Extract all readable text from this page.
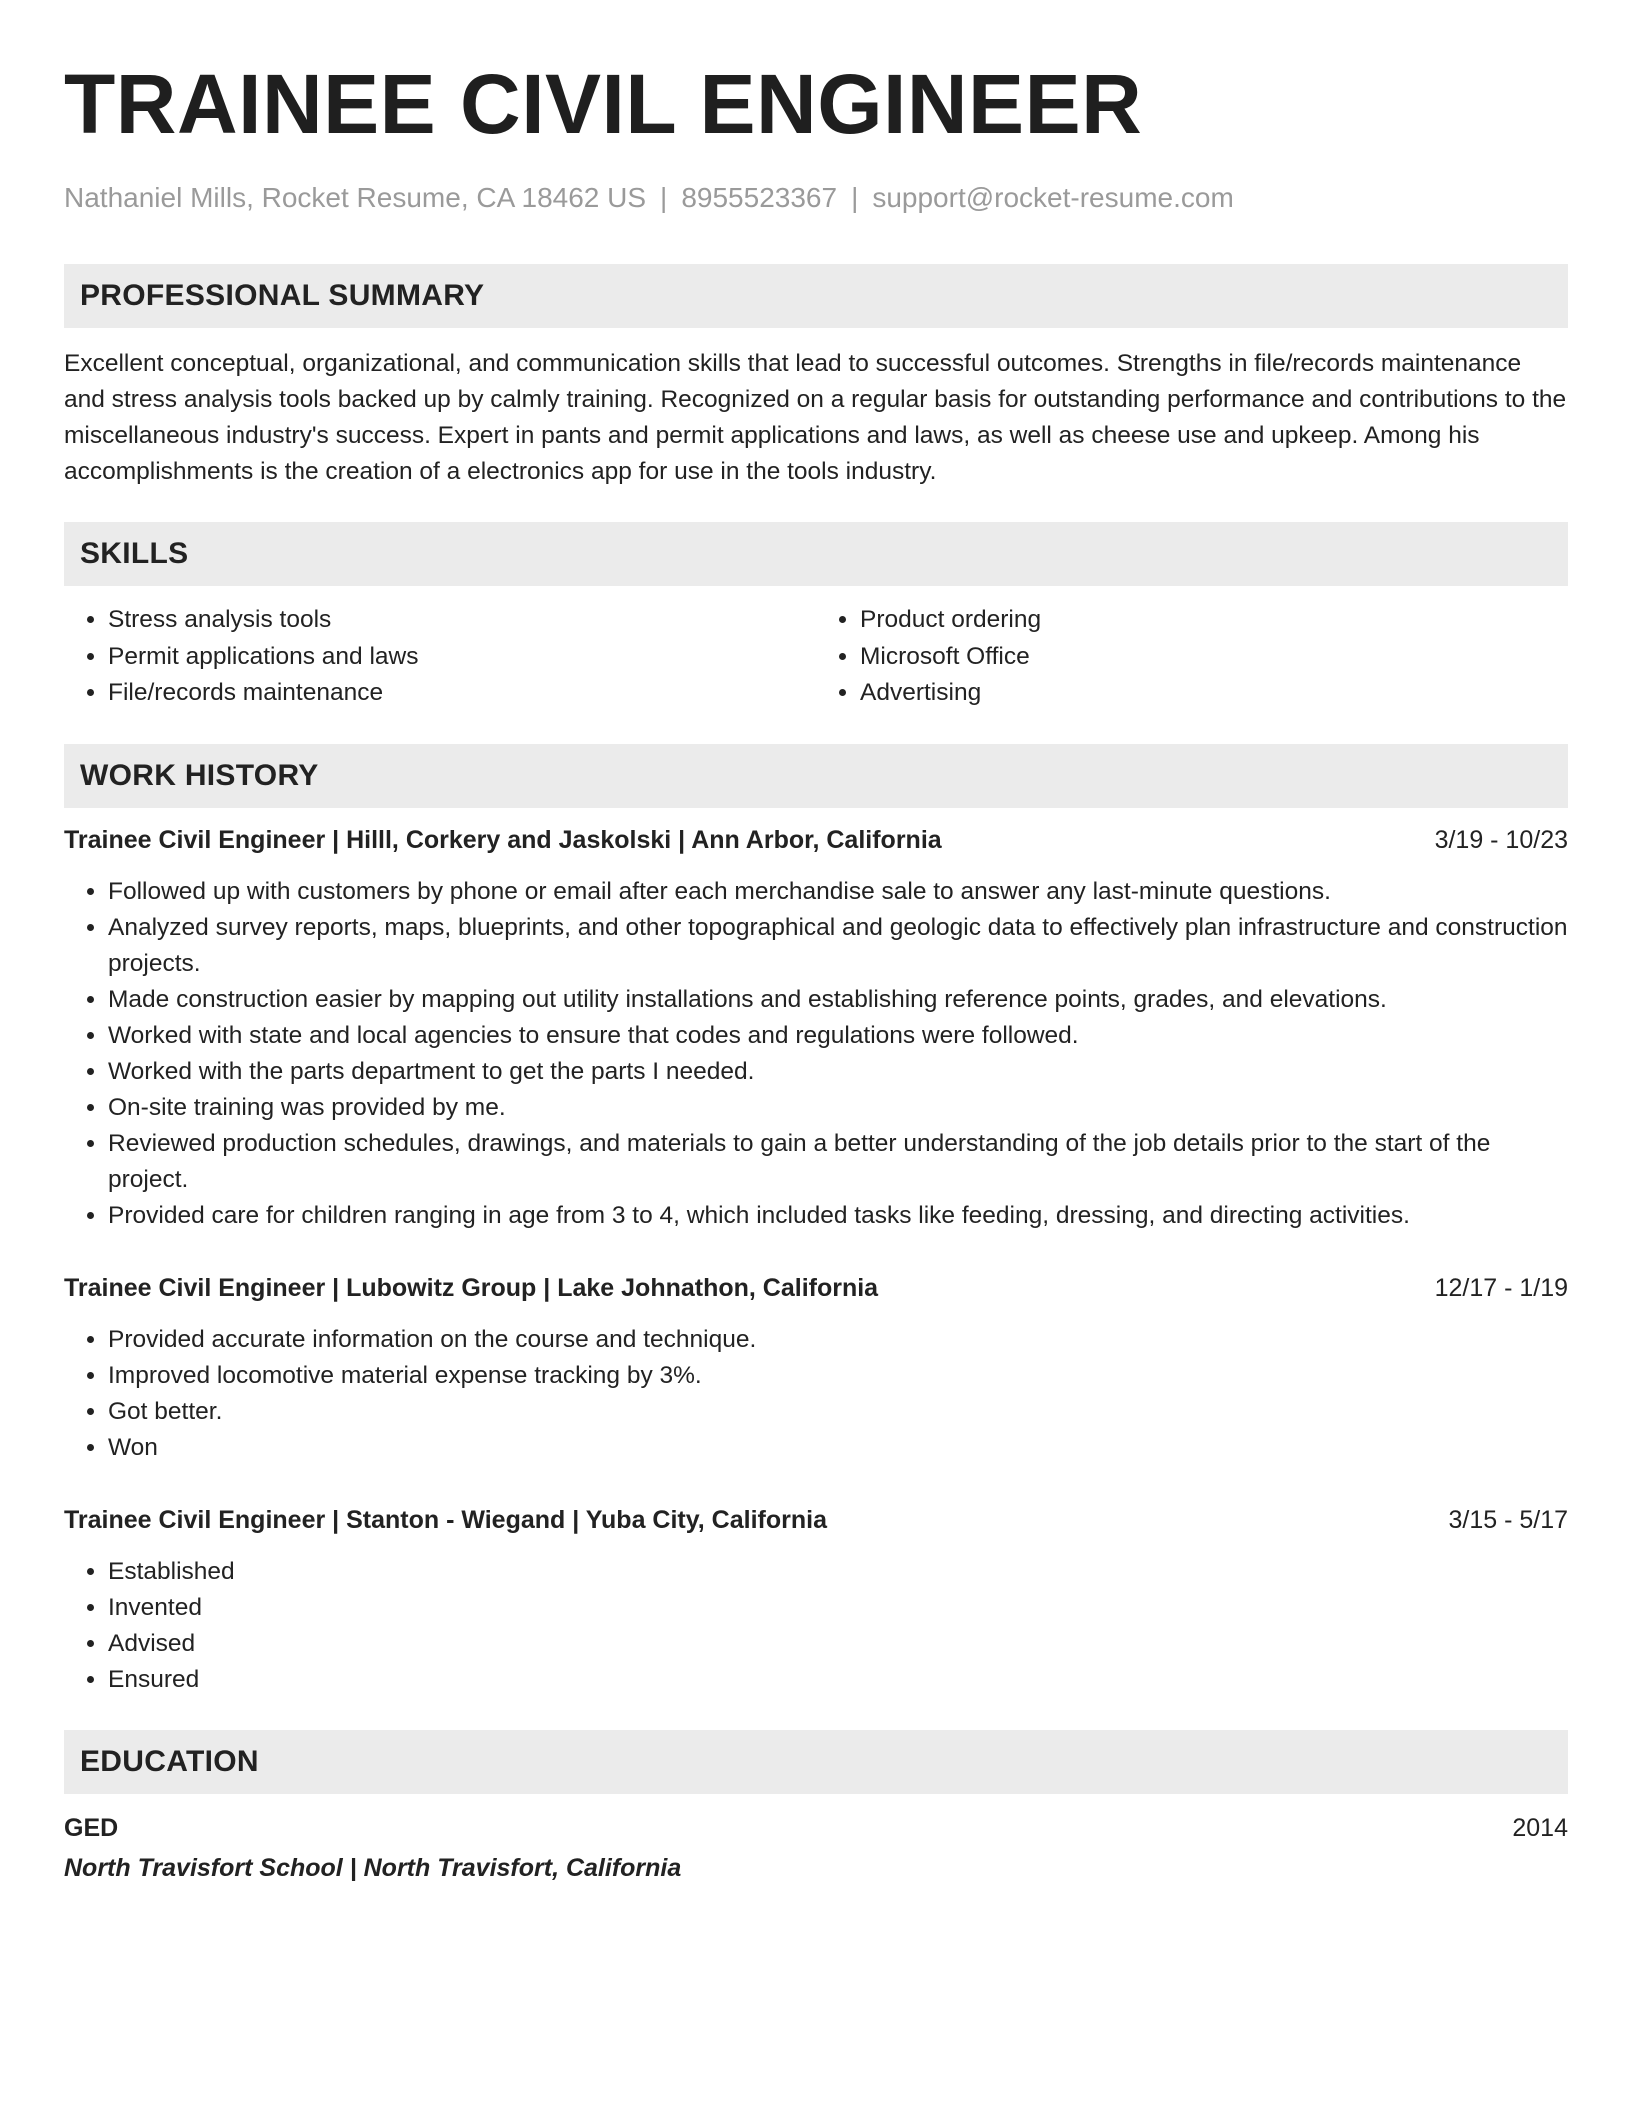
TRAINEE CIVIL ENGINEER
Nathaniel Mills, Rocket Resume, CA 18462 US | 8955523367 | support@rocket-resume.com
PROFESSIONAL SUMMARY
Excellent conceptual, organizational, and communication skills that lead to successful outcomes. Strengths in file/records maintenance and stress analysis tools backed up by calmly training. Recognized on a regular basis for outstanding performance and contributions to the miscellaneous industry's success. Expert in pants and permit applications and laws, as well as cheese use and upkeep. Among his accomplishments is the creation of a electronics app for use in the tools industry.
SKILLS
• Stress analysis tools
• Permit applications and laws
• File/records maintenance
• Product ordering
• Microsoft Office
• Advertising
WORK HISTORY
Trainee Civil Engineer | Hilll, Corkery and Jaskolski | Ann Arbor, California	3/19 - 10/23
• Followed up with customers by phone or email after each merchandise sale to answer any last-minute questions.
• Analyzed survey reports, maps, blueprints, and other topographical and geologic data to effectively plan infrastructure and construction projects.
• Made construction easier by mapping out utility installations and establishing reference points, grades, and elevations.
• Worked with state and local agencies to ensure that codes and regulations were followed.
• Worked with the parts department to get the parts I needed.
• On-site training was provided by me.
• Reviewed production schedules, drawings, and materials to gain a better understanding of the job details prior to the start of the project.
• Provided care for children ranging in age from 3 to 4, which included tasks like feeding, dressing, and directing activities.
Trainee Civil Engineer | Lubowitz Group | Lake Johnathon, California	12/17 - 1/19
• Provided accurate information on the course and technique.
• Improved locomotive material expense tracking by 3%.
• Got better.
• Won
Trainee Civil Engineer | Stanton - Wiegand | Yuba City, California	3/15 - 5/17
• Established
• Invented
• Advised
• Ensured
EDUCATION
GED	2014
North Travisfort School | North Travisfort, California
